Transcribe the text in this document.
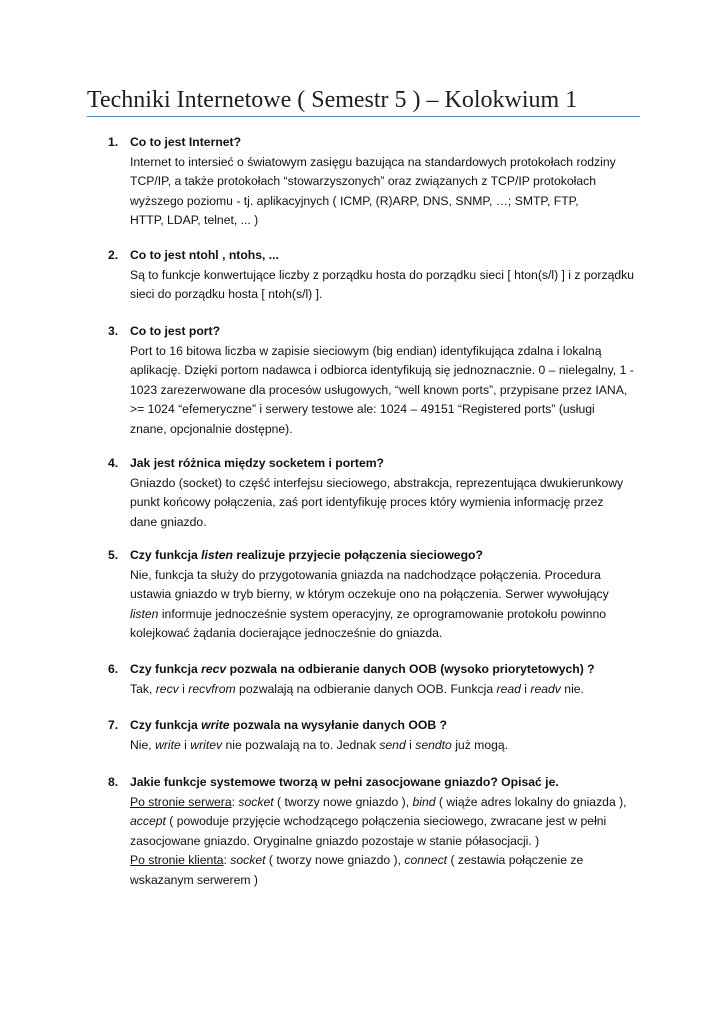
Techniki Internetowe ( Semestr 5 ) – Kolokwium 1
1. Co to jest Internet?
Internet to intersieć o światowym zasięgu bazująca na standardowych protokołach rodziny
TCP/IP, a także protokołach “stowarzyszonych” oraz związanych z TCP/IP protokołach
wyższego poziomu - tj. aplikacyjnych ( ICMP, (R)ARP, DNS, SNMP, …; SMTP, FTP,
HTTP, LDAP, telnet, ... )
2. Co to jest ntohl , ntohs, ...
Są to funkcje konwertujące liczby z porządku hosta do porządku sieci [ hton(s/l) ] i z porządku
sieci do porządku hosta [ ntoh(s/l) ].
3. Co to jest port?
Port to 16 bitowa liczba w zapisie sieciowym (big endian) identyfikująca zdalna i lokalną
aplikację. Dzięki portom nadawca i odbiorca identyfikują się jednoznacznie. 0 – nielegalny, 1 -
1023 zarezerwowane dla procesów usługowych, “well known ports”, przypisane przez IANA,
>= 1024 “efemeryczne” i serwery testowe ale: 1024 – 49151 “Registered ports” (usługi
znane, opcjonalnie dostępne).
4. Jak jest różnica między socketem i portem?
Gniazdo (socket) to część interfejsu sieciowego, abstrakcja, reprezentująca dwukierunkowy
punkt końcowy połączenia, zaś port identyfikuję proces który wymienia informację przez
dane gniazdo.
5. Czy funkcja listen realizuje przyjecie połączenia sieciowego?
Nie, funkcja ta służy do przygotowania gniazda na nadchodzące połączenia. Procedura
ustawia gniazdo w tryb bierny, w którym oczekuje ono na połączenia. Serwer wywołujący
listen informuje jednocześnie system operacyjny, ze oprogramowanie protokołu powinno
kolejkować żądania docierające jednocześnie do gniazda.
6. Czy funkcja recv pozwala na odbieranie danych OOB (wysoko priorytetowych) ?
Tak, recv i recvfrom pozwalają na odbieranie danych OOB. Funkcja read i readv nie.
7. Czy funkcja write pozwala na wysyłanie danych OOB ?
Nie, write i writev nie pozwalają na to. Jednak send i sendto już mogą.
8. Jakie funkcje systemowe tworzą w pełni zasocjowane gniazdo? Opisać je.
Po stronie serwera: socket ( tworzy nowe gniazdo ), bind ( wiąże adres lokalny do gniazda ),
accept ( powoduje przyjęcie wchodzącego połączenia sieciowego, zwracane jest w pełni
zasocjowane gniazdo. Oryginalne gniazdo pozostaje w stanie półasocjacji. )
Po stronie klienta: socket ( tworzy nowe gniazdo ), connect ( zestawia połączenie ze
wskazanym serwerem )
